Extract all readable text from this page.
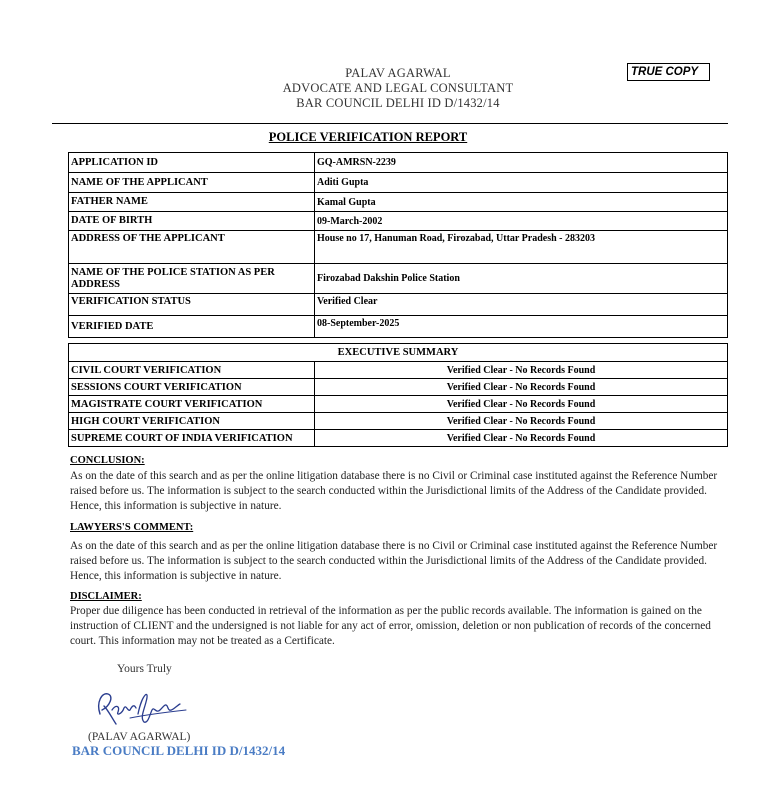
PALAV AGARWAL
ADVOCATE AND LEGAL CONSULTANT
BAR COUNCIL DELHI ID D/1432/14
TRUE COPY
POLICE VERIFICATION REPORT
APPLICATION ID	GQ-AMRSN-2239
NAME OF THE APPLICANT	Aditi Gupta
FATHER NAME	Kamal Gupta
DATE OF BIRTH	09-March-2002
ADDRESS OF THE APPLICANT	House no 17, Hanuman Road, Firozabad, Uttar Pradesh - 283203
NAME OF THE POLICE STATION AS PER ADDRESS	Firozabad Dakshin Police Station
VERIFICATION STATUS	Verified Clear
VERIFIED DATE	08-September-2025
EXECUTIVE SUMMARY	
CIVIL COURT VERIFICATION	Verified Clear - No Records Found
SESSIONS COURT VERIFICATION	Verified Clear - No Records Found
MAGISTRATE COURT VERIFICATION	Verified Clear - No Records Found
HIGH COURT VERIFICATION	Verified Clear - No Records Found
SUPREME COURT OF INDIA VERIFICATION	Verified Clear - No Records Found
CONCLUSION:
As on the date of this search and as per the online litigation database there is no Civil or Criminal case instituted against the Reference Number raised before us. The information is subject to the search conducted within the Jurisdictional limits of the Address of the Candidate provided. Hence, this information is subjective in nature.
LAWYERS'S COMMENT:
As on the date of this search and as per the online litigation database there is no Civil or Criminal case instituted against the Reference Number raised before us. The information is subject to the search conducted within the Jurisdictional limits of the Address of the Candidate provided. Hence, this information is subjective in nature.
DISCLAIMER:
Proper due diligence has been conducted in retrieval of the information as per the public records available. The information is gained on the instruction of CLIENT and the undersigned is not liable for any act of error, omission, deletion or non publication of records of the concerned court. This information may not be treated as a Certificate.
Yours Truly
(PALAV AGARWAL)
BAR COUNCIL DELHI ID D/1432/14
